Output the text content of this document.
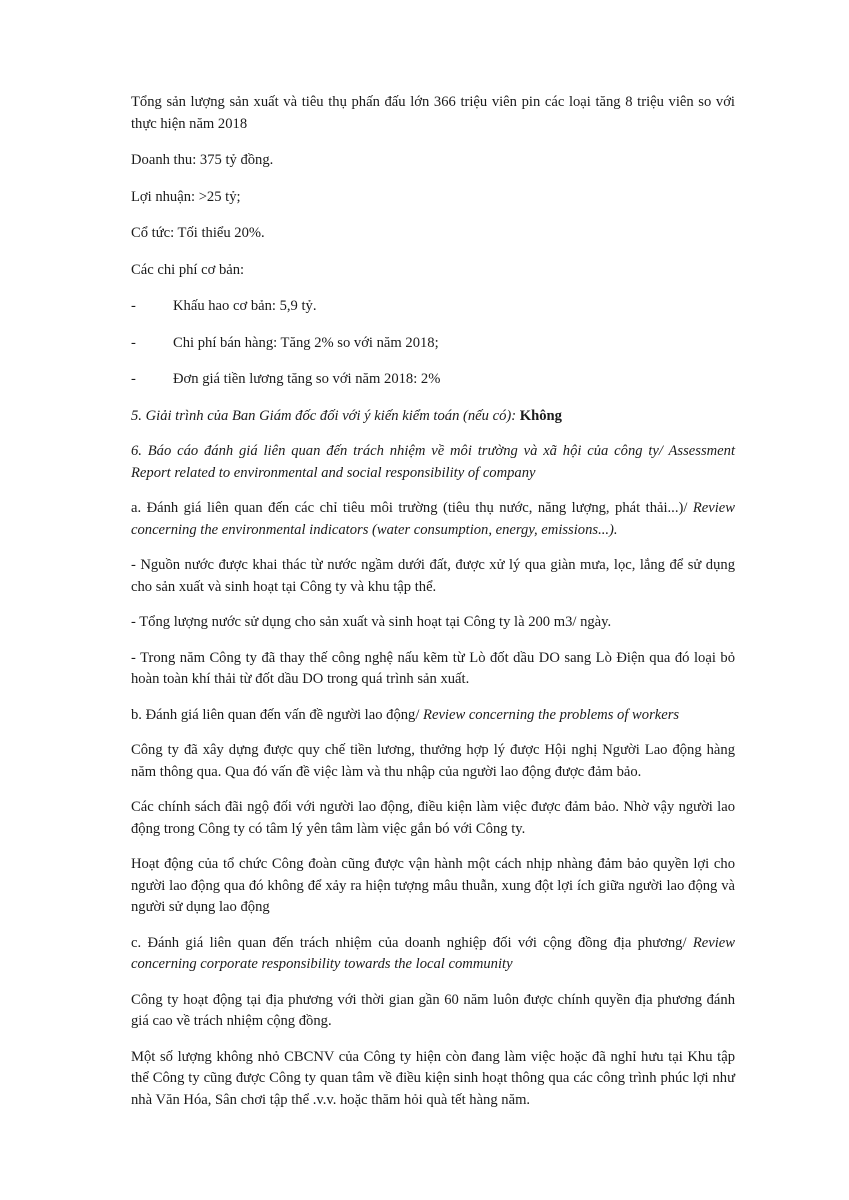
Tổng sản lượng sản xuất và tiêu thụ phấn đấu lớn 366 triệu viên pin các loại tăng 8 triệu viên so với thực hiện năm 2018

Doanh thu: 375 tỷ đồng.

Lợi nhuận: >25 tỷ;

Cổ tức: Tối thiểu 20%.

Các chi phí cơ bản:

-	Khấu hao cơ bản: 5,9 tỷ.
-	Chi phí bán hàng: Tăng 2% so với năm 2018;
-	Đơn giá tiền lương tăng so với năm 2018: 2%

5. Giải trình của Ban Giám đốc đối với ý kiến kiểm toán (nếu có): Không

6. Báo cáo đánh giá liên quan đến trách nhiệm về môi trường và xã hội của công ty/ Assessment Report related to environmental and social responsibility of company

a. Đánh giá liên quan đến các chỉ tiêu môi trường (tiêu thụ nước, năng lượng, phát thải...)/ Review concerning the environmental indicators (water consumption, energy, emissions...).

- Nguồn nước được khai thác từ nước ngầm dưới đất, được xử lý qua giàn mưa, lọc, lắng để sử dụng cho sản xuất và sinh hoạt tại Công ty và khu tập thể.

- Tổng lượng nước sử dụng cho sản xuất và sinh hoạt tại Công ty là 200 m3/ ngày.

- Trong năm Công ty đã thay thế công nghệ nấu kẽm từ Lò đốt dầu DO sang Lò Điện qua đó loại bỏ hoàn toàn khí thải từ đốt dầu DO trong quá trình sản xuất.

b. Đánh giá liên quan đến vấn đề người lao động/ Review concerning the problems of workers

Công ty đã xây dựng được quy chế tiền lương, thưởng hợp lý được Hội nghị Người Lao động hàng năm thông qua. Qua đó vấn đề việc làm và thu nhập của người lao động được đảm bảo.

Các chính sách đãi ngộ đối với người lao động, điều kiện làm việc được đảm bảo. Nhờ vậy người lao động trong Công ty có tâm lý yên tâm làm việc gắn bó với Công ty.

Hoạt động của tổ chức Công đoàn cũng được vận hành một cách nhịp nhàng đảm bảo quyền lợi cho người lao động qua đó không để xảy ra hiện tượng mâu thuẫn, xung đột lợi ích giữa người lao động và người sử dụng lao động

c. Đánh giá liên quan đến trách nhiệm của doanh nghiệp đối với cộng đồng địa phương/ Review concerning corporate responsibility towards the local community

Công ty hoạt động tại địa phương với thời gian gần 60 năm luôn được chính quyền địa phương đánh giá cao về trách nhiệm cộng đồng.

Một số lượng không nhỏ CBCNV của Công ty hiện còn đang làm việc hoặc đã nghỉ hưu tại Khu tập thể Công ty cũng được Công ty quan tâm về điều kiện sinh hoạt thông qua các công trình phúc lợi như nhà Văn Hóa, Sân chơi tập thể .v.v. hoặc thăm hỏi quà tết hàng năm.
